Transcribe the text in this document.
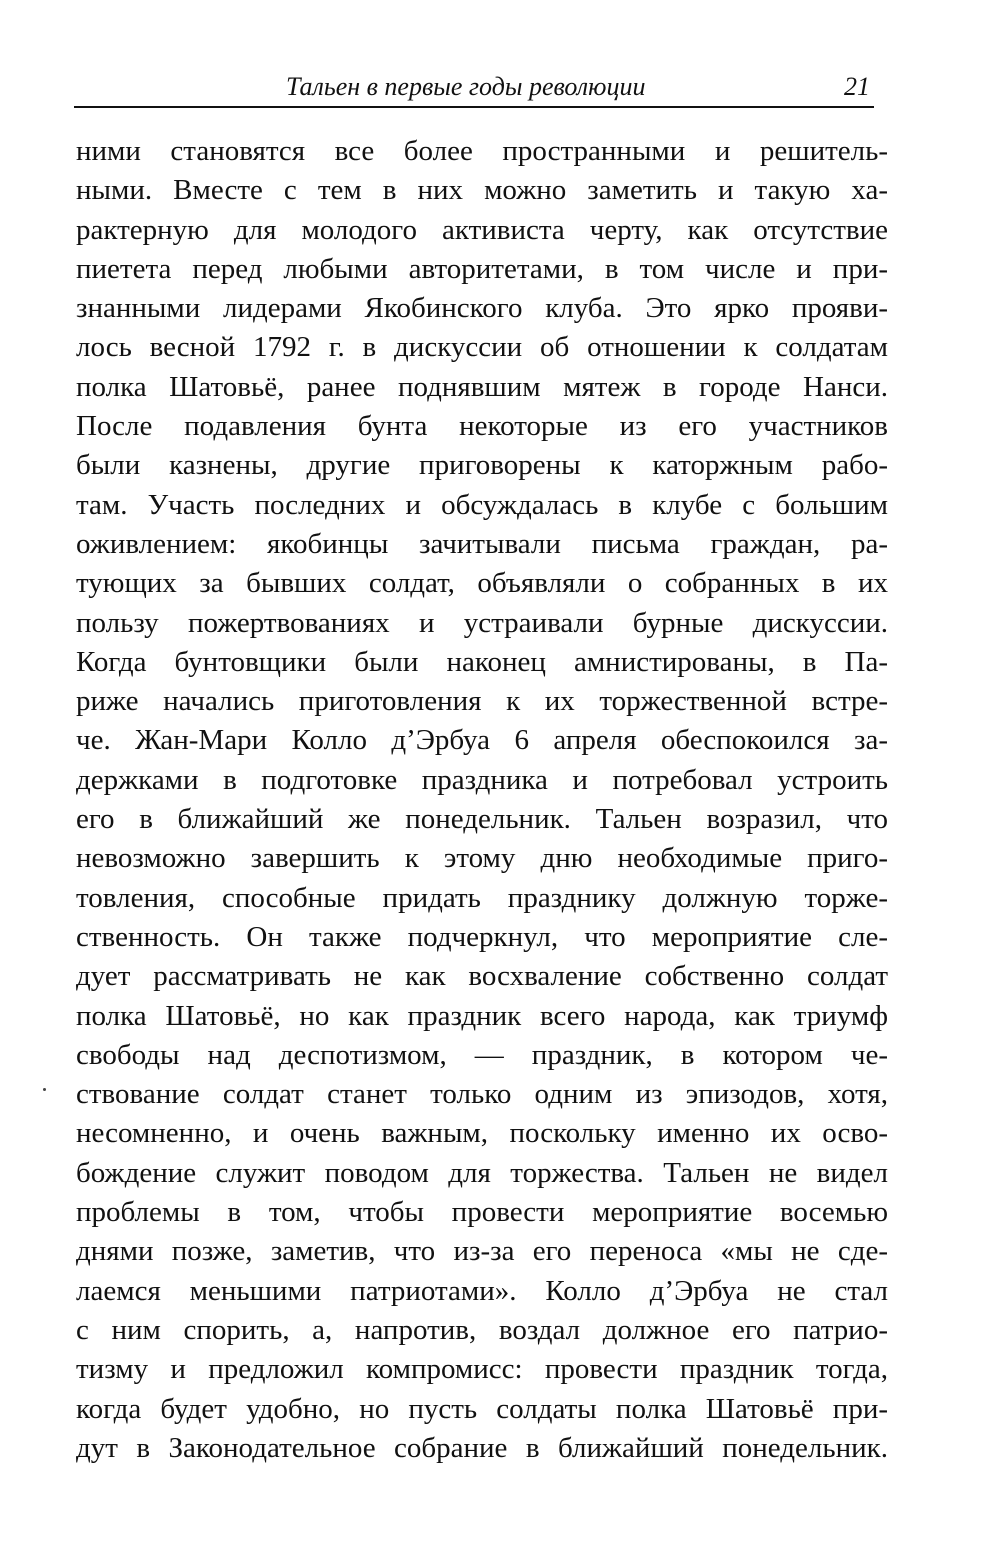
Тальен в первые годы революции	21
ними становятся все более пространными и решитель-
ными. Вместе с тем в них можно заметить и такую ха-
рактерную для молодого активиста черту, как отсутствие
пиетета перед любыми авторитетами, в том числе и при-
знанными лидерами Якобинского клуба. Это ярко прояви-
лось весной 1792 г. в дискуссии об отношении к солдатам
полка Шатовьё, ранее поднявшим мятеж в городе Нанси.
После подавления бунта некоторые из его участников
были казнены, другие приговорены к каторжным рабо-
там. Участь последних и обсуждалась в клубе с большим
оживлением: якобинцы зачитывали письма граждан, ра-
тующих за бывших солдат, объявляли о собранных в их
пользу пожертвованиях и устраивали бурные дискуссии.
Когда бунтовщики были наконец амнистированы, в Па-
риже начались приготовления к их торжественной встре-
че. Жан-Мари Колло д’Эрбуа 6 апреля обеспокоился за-
держками в подготовке праздника и потребовал устроить
его в ближайший же понедельник. Тальен возразил, что
невозможно завершить к этому дню необходимые приго-
товления, способные придать празднику должную торже-
ственность. Он также подчеркнул, что мероприятие сле-
дует рассматривать не как восхваление собственно солдат
полка Шатовьё, но как праздник всего народа, как триумф
свободы над деспотизмом, — праздник, в котором че-
ствование солдат станет только одним из эпизодов, хотя,
несомненно, и очень важным, поскольку именно их осво-
бождение служит поводом для торжества. Тальен не видел
проблемы в том, чтобы провести мероприятие восемью
днями позже, заметив, что из-за его переноса «мы не сде-
лаемся меньшими патриотами». Колло д’Эрбуа не стал
с ним спорить, а, напротив, воздал должное его патрио-
тизму и предложил компромисс: провести праздник тогда,
когда будет удобно, но пусть солдаты полка Шатовьё при-
дут в Законодательное собрание в ближайший понедельник.
